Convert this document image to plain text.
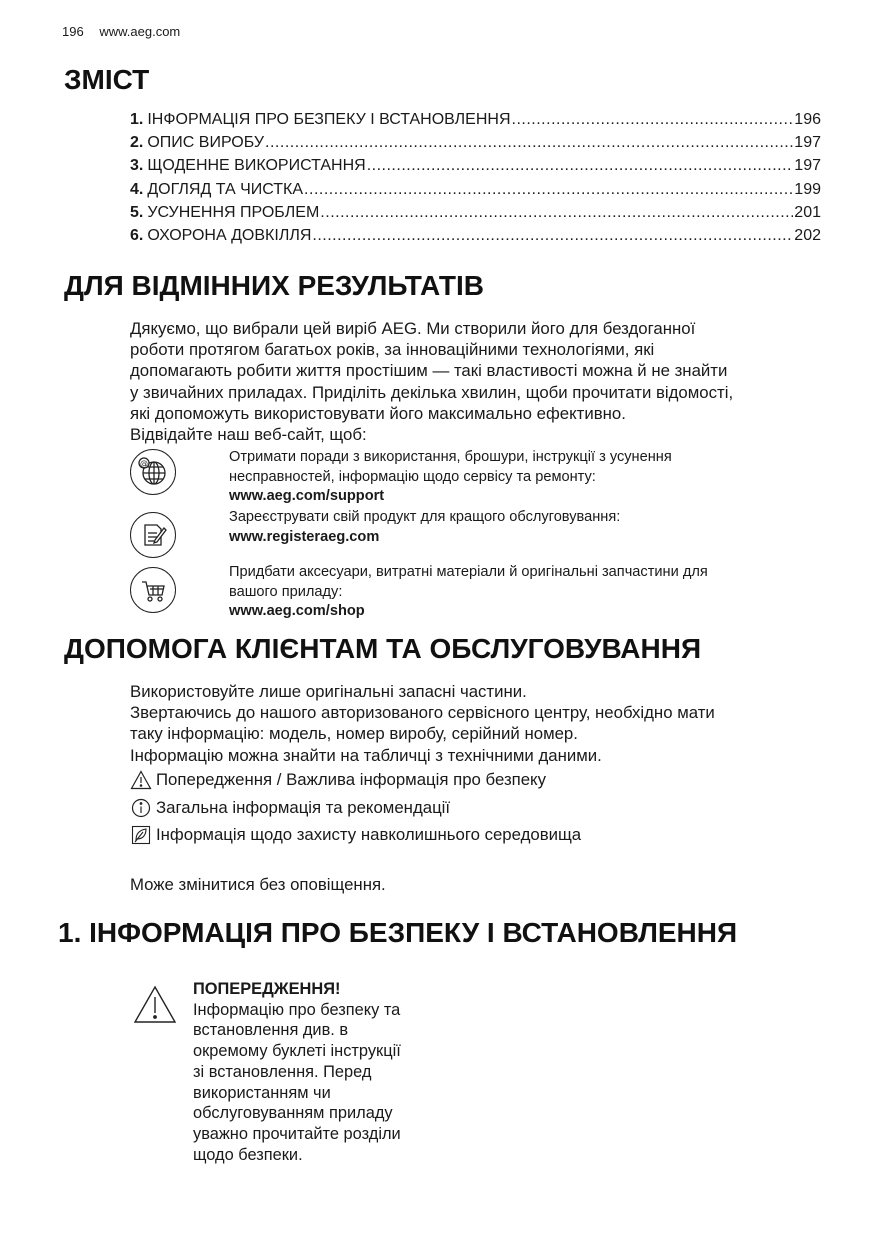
196 www.aeg.com
ЗМІСТ
1. ІНФОРМАЦІЯ ПРО БЕЗПЕКУ І ВСТАНОВЛЕННЯ .....	196
2. ОПИС ВИРОБУ .....	197
3. ЩОДЕННЕ ВИКОРИСТАННЯ .....	197
4. ДОГЛЯД ТА ЧИСТКА .....	199
5. УСУНЕННЯ ПРОБЛЕМ .....	201
6. ОХОРОНА ДОВКІЛЛЯ .....	202
ДЛЯ ВІДМІННИХ РЕЗУЛЬТАТІВ
Дякуємо, що вибрали цей виріб AEG. Ми створили його для бездоганної
роботи протягом багатьох років, за інноваційними технологіями, які
допомагають робити життя простішим — такі властивості можна й не знайти
у звичайних приладах. Приділіть декілька хвилин, щоби прочитати відомості,
які допоможуть використовувати його максимально ефективно.
Відвідайте наш веб-сайт, щоб:
@	Отримати поради з використання, брошури, інструкції з усунення
несправностей, інформацію щодо сервісу та ремонту:
www.aeg.com/support
Зареєструвати свій продукт для кращого обслуговування:
www.registeraeg.com
Придбати аксесуари, витратні матеріали й оригінальні запчастини для
вашого приладу:
www.aeg.com/shop
ДОПОМОГА КЛІЄНТАМ ТА ОБСЛУГОВУВАННЯ
Використовуйте лише оригінальні запасні частини.
Звертаючись до нашого авторизованого сервісного центру, необхідно мати
таку інформацію: модель, номер виробу, серійний номер.
Інформацію можна знайти на табличці з технічними даними.
Попередження / Важлива інформація про безпеку
Загальна інформація та рекомендації
Інформація щодо захисту навколишнього середовища
Може змінитися без оповіщення.
1. ІНФОРМАЦІЯ ПРО БЕЗПЕКУ І ВСТАНОВЛЕННЯ
ПОПЕРЕДЖЕННЯ!
Інформацію про безпеку та
встановлення див. в
окремому буклеті інструкції
зі встановлення. Перед
використанням чи
обслуговуванням приладу
уважно прочитайте розділи
щодо безпеки.
